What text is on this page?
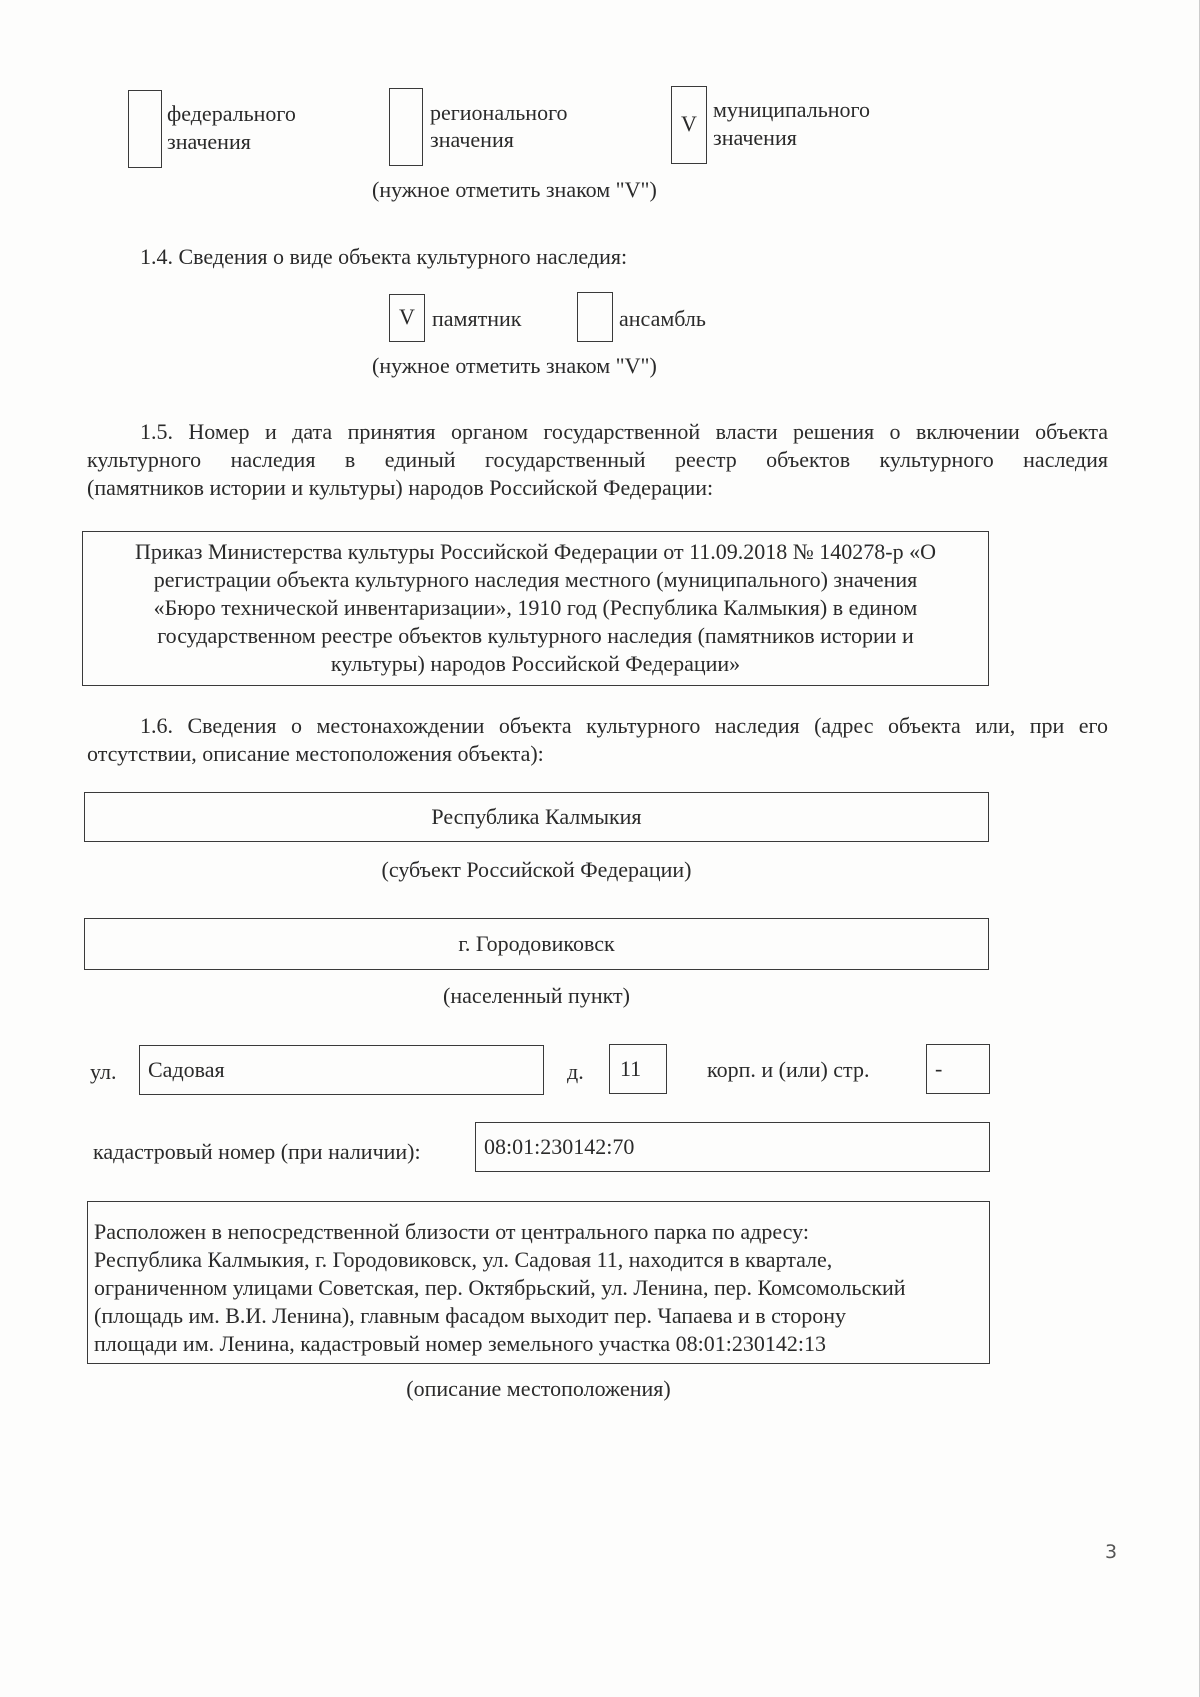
федерального
значения
регионального
значения
V
муниципального
значения
(нужное отметить знаком "V")
1.4. Сведения о виде объекта культурного наследия:
V памятник	ансамбль
(нужное отметить знаком "V")
1.5. Номер и дата принятия органом государственной власти решения о включении объекта
культурного наследия в единый государственный реестр объектов культурного наследия
(памятников истории и культуры) народов Российской Федерации:
Приказ Министерства культуры Российской Федерации от 11.09.2018 № 140278-р «О
регистрации объекта культурного наследия местного (муниципального) значения
«Бюро технической инвентаризации», 1910 год (Республика Калмыкия) в едином
государственном реестре объектов культурного наследия (памятников истории и
культуры) народов Российской Федерации»
1.6. Сведения о местонахождении объекта культурного наследия (адрес объекта или, при его
отсутствии, описание местоположения объекта):
Республика Калмыкия
(субъект Российской Федерации)
г. Городовиковск
(населенный пункт)
ул.	Садовая	д.	11	корп. и (или) стр.	-
кадастровый номер (при наличии):	08:01:230142:70
Расположен в непосредственной близости от центрального парка по адресу:
Республика Калмыкия, г. Городовиковск, ул. Садовая 11, находится в квартале,
ограниченном улицами Советская, пер. Октябрьский, ул. Ленина, пер. Комсомольский
(площадь им. В.И. Ленина), главным фасадом выходит пер. Чапаева и в сторону
площади им. Ленина, кадастровый номер земельного участка 08:01:230142:13
(описание местоположения)
3
